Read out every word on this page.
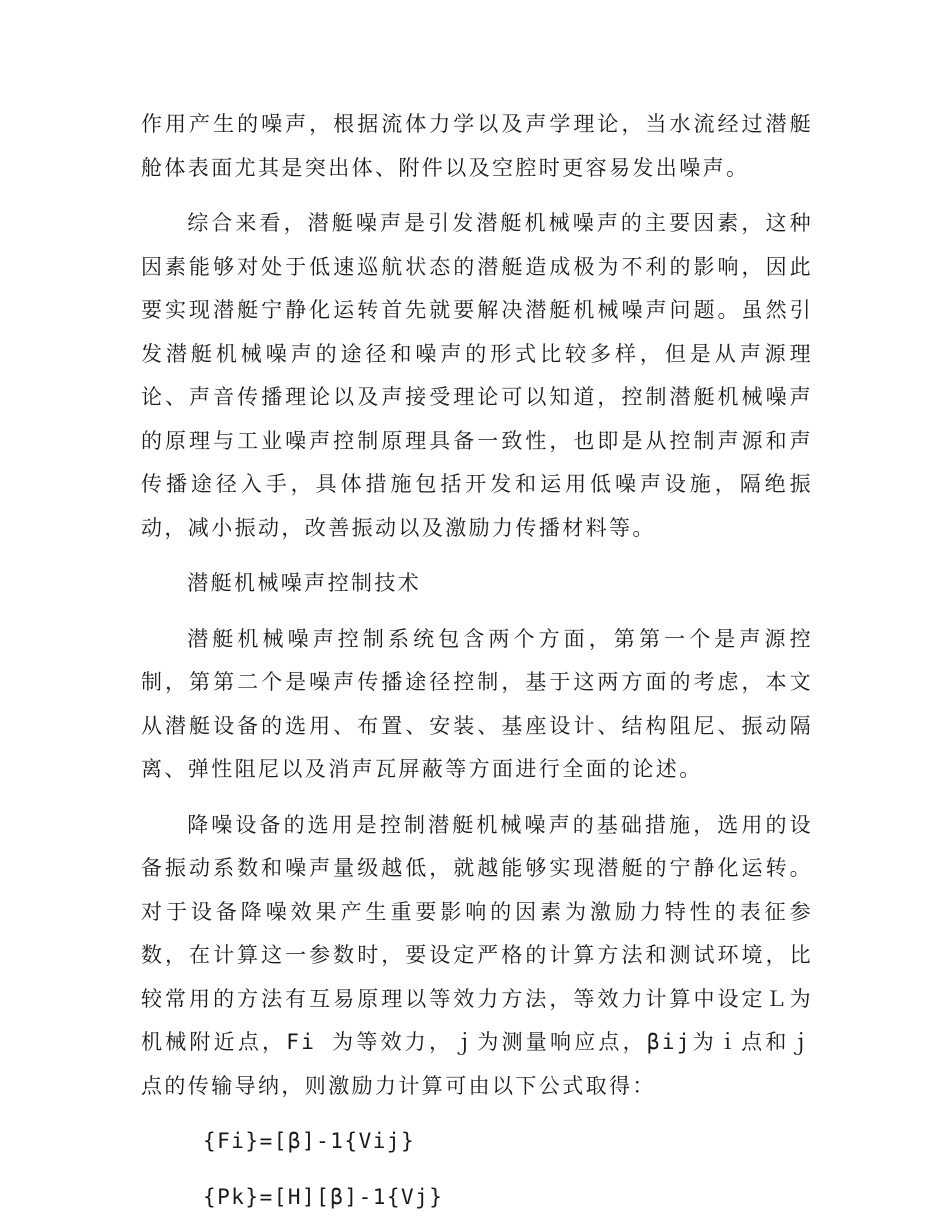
作用产生的噪声，根据流体力学以及声学理论，当水流经过潜艇舱体表面尤其是突出体、附件以及空腔时更容易发出噪声。

综合来看，潜艇噪声是引发潜艇机械噪声的主要因素，这种因素能够对处于低速巡航状态的潜艇造成极为不利的影响，因此要实现潜艇宁静化运转首先就要解决潜艇机械噪声问题。虽然引发潜艇机械噪声的途径和噪声的形式比较多样，但是从声源理论、声音传播理论以及声接受理论可以知道，控制潜艇机械噪声的原理与工业噪声控制原理具备一致性，也即是从控制声源和声传播途径入手，具体措施包括开发和运用低噪声设施，隔绝振动，减小振动，改善振动以及激励力传播材料等。

潜艇机械噪声控制技术

潜艇机械噪声控制系统包含两个方面，第第一个是声源控制，第第二个是噪声传播途径控制，基于这两方面的考虑，本文从潜艇设备的选用、布置、安装、基座设计、结构阻尼、振动隔离、弹性阻尼以及消声瓦屏蔽等方面进行全面的论述。

降噪设备的选用是控制潜艇机械噪声的基础措施，选用的设备振动系数和噪声量级越低，就越能够实现潜艇的宁静化运转。对于设备降噪效果产生重要影响的因素为激励力特性的表征参数，在计算这一参数时，要设定严格的计算方法和测试环境，比较常用的方法有互易原理以等效力方法，等效力计算中设定Ｌ为机械附近点，Fi 为等效力，ｊ为测量响应点，βij为ｉ点和ｊ点的传输导纳，则激励力计算可由以下公式取得：

{Fi}=[β]-1{Vij}

{Pk}=[H][β]-1{Vj}
